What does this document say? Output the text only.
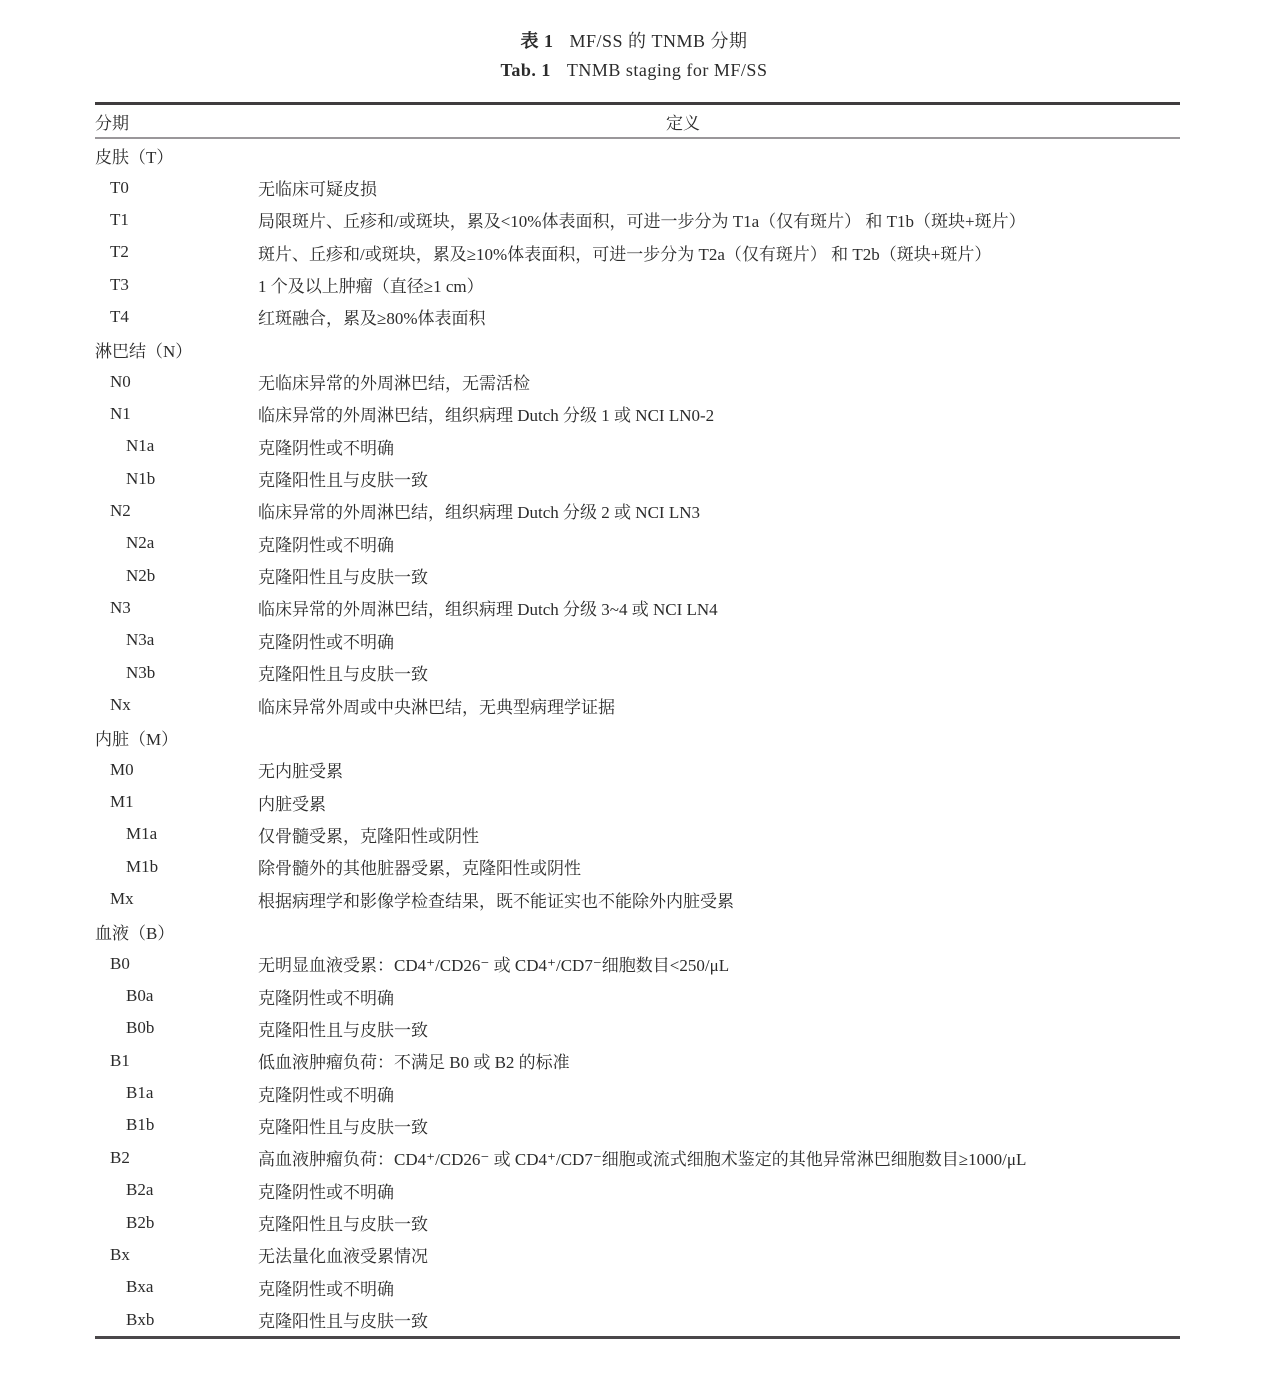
表 1 MF/SS 的 TNMB 分期
Tab. 1 TNMB staging for MF/SS
分期	定义
皮肤（T）	
T0	无临床可疑皮损
T1	局限斑片、丘疹和/或斑块，累及<10%体表面积，可进一步分为 T1a（仅有斑片） 和 T1b（斑块+斑片）
T2	斑片、丘疹和/或斑块，累及≥10%体表面积，可进一步分为 T2a（仅有斑片） 和 T2b（斑块+斑片）
T3	1 个及以上肿瘤（直径≥1 cm）
T4	红斑融合，累及≥80%体表面积
淋巴结（N）	
N0	无临床异常的外周淋巴结，无需活检
N1	临床异常的外周淋巴结，组织病理 Dutch 分级 1 或 NCI LN0-2
N1a	克隆阴性或不明确
N1b	克隆阳性且与皮肤一致
N2	临床异常的外周淋巴结，组织病理 Dutch 分级 2 或 NCI LN3
N2a	克隆阴性或不明确
N2b	克隆阳性且与皮肤一致
N3	临床异常的外周淋巴结，组织病理 Dutch 分级 3~4 或 NCI LN4
N3a	克隆阴性或不明确
N3b	克隆阳性且与皮肤一致
Nx	临床异常外周或中央淋巴结，无典型病理学证据
内脏（M）	
M0	无内脏受累
M1	内脏受累
M1a	仅骨髓受累，克隆阳性或阴性
M1b	除骨髓外的其他脏器受累，克隆阳性或阴性
Mx	根据病理学和影像学检查结果，既不能证实也不能除外内脏受累
血液（B）	
B0	无明显血液受累：CD4⁺/CD26⁻ 或 CD4⁺/CD7⁻细胞数目<250/μL
B0a	克隆阴性或不明确
B0b	克隆阳性且与皮肤一致
B1	低血液肿瘤负荷：不满足 B0 或 B2 的标准
B1a	克隆阴性或不明确
B1b	克隆阳性且与皮肤一致
B2	高血液肿瘤负荷：CD4⁺/CD26⁻ 或 CD4⁺/CD7⁻细胞或流式细胞术鉴定的其他异常淋巴细胞数目≥1000/μL
B2a	克隆阴性或不明确
B2b	克隆阳性且与皮肤一致
Bx	无法量化血液受累情况
Bxa	克隆阴性或不明确
Bxb	克隆阳性且与皮肤一致
